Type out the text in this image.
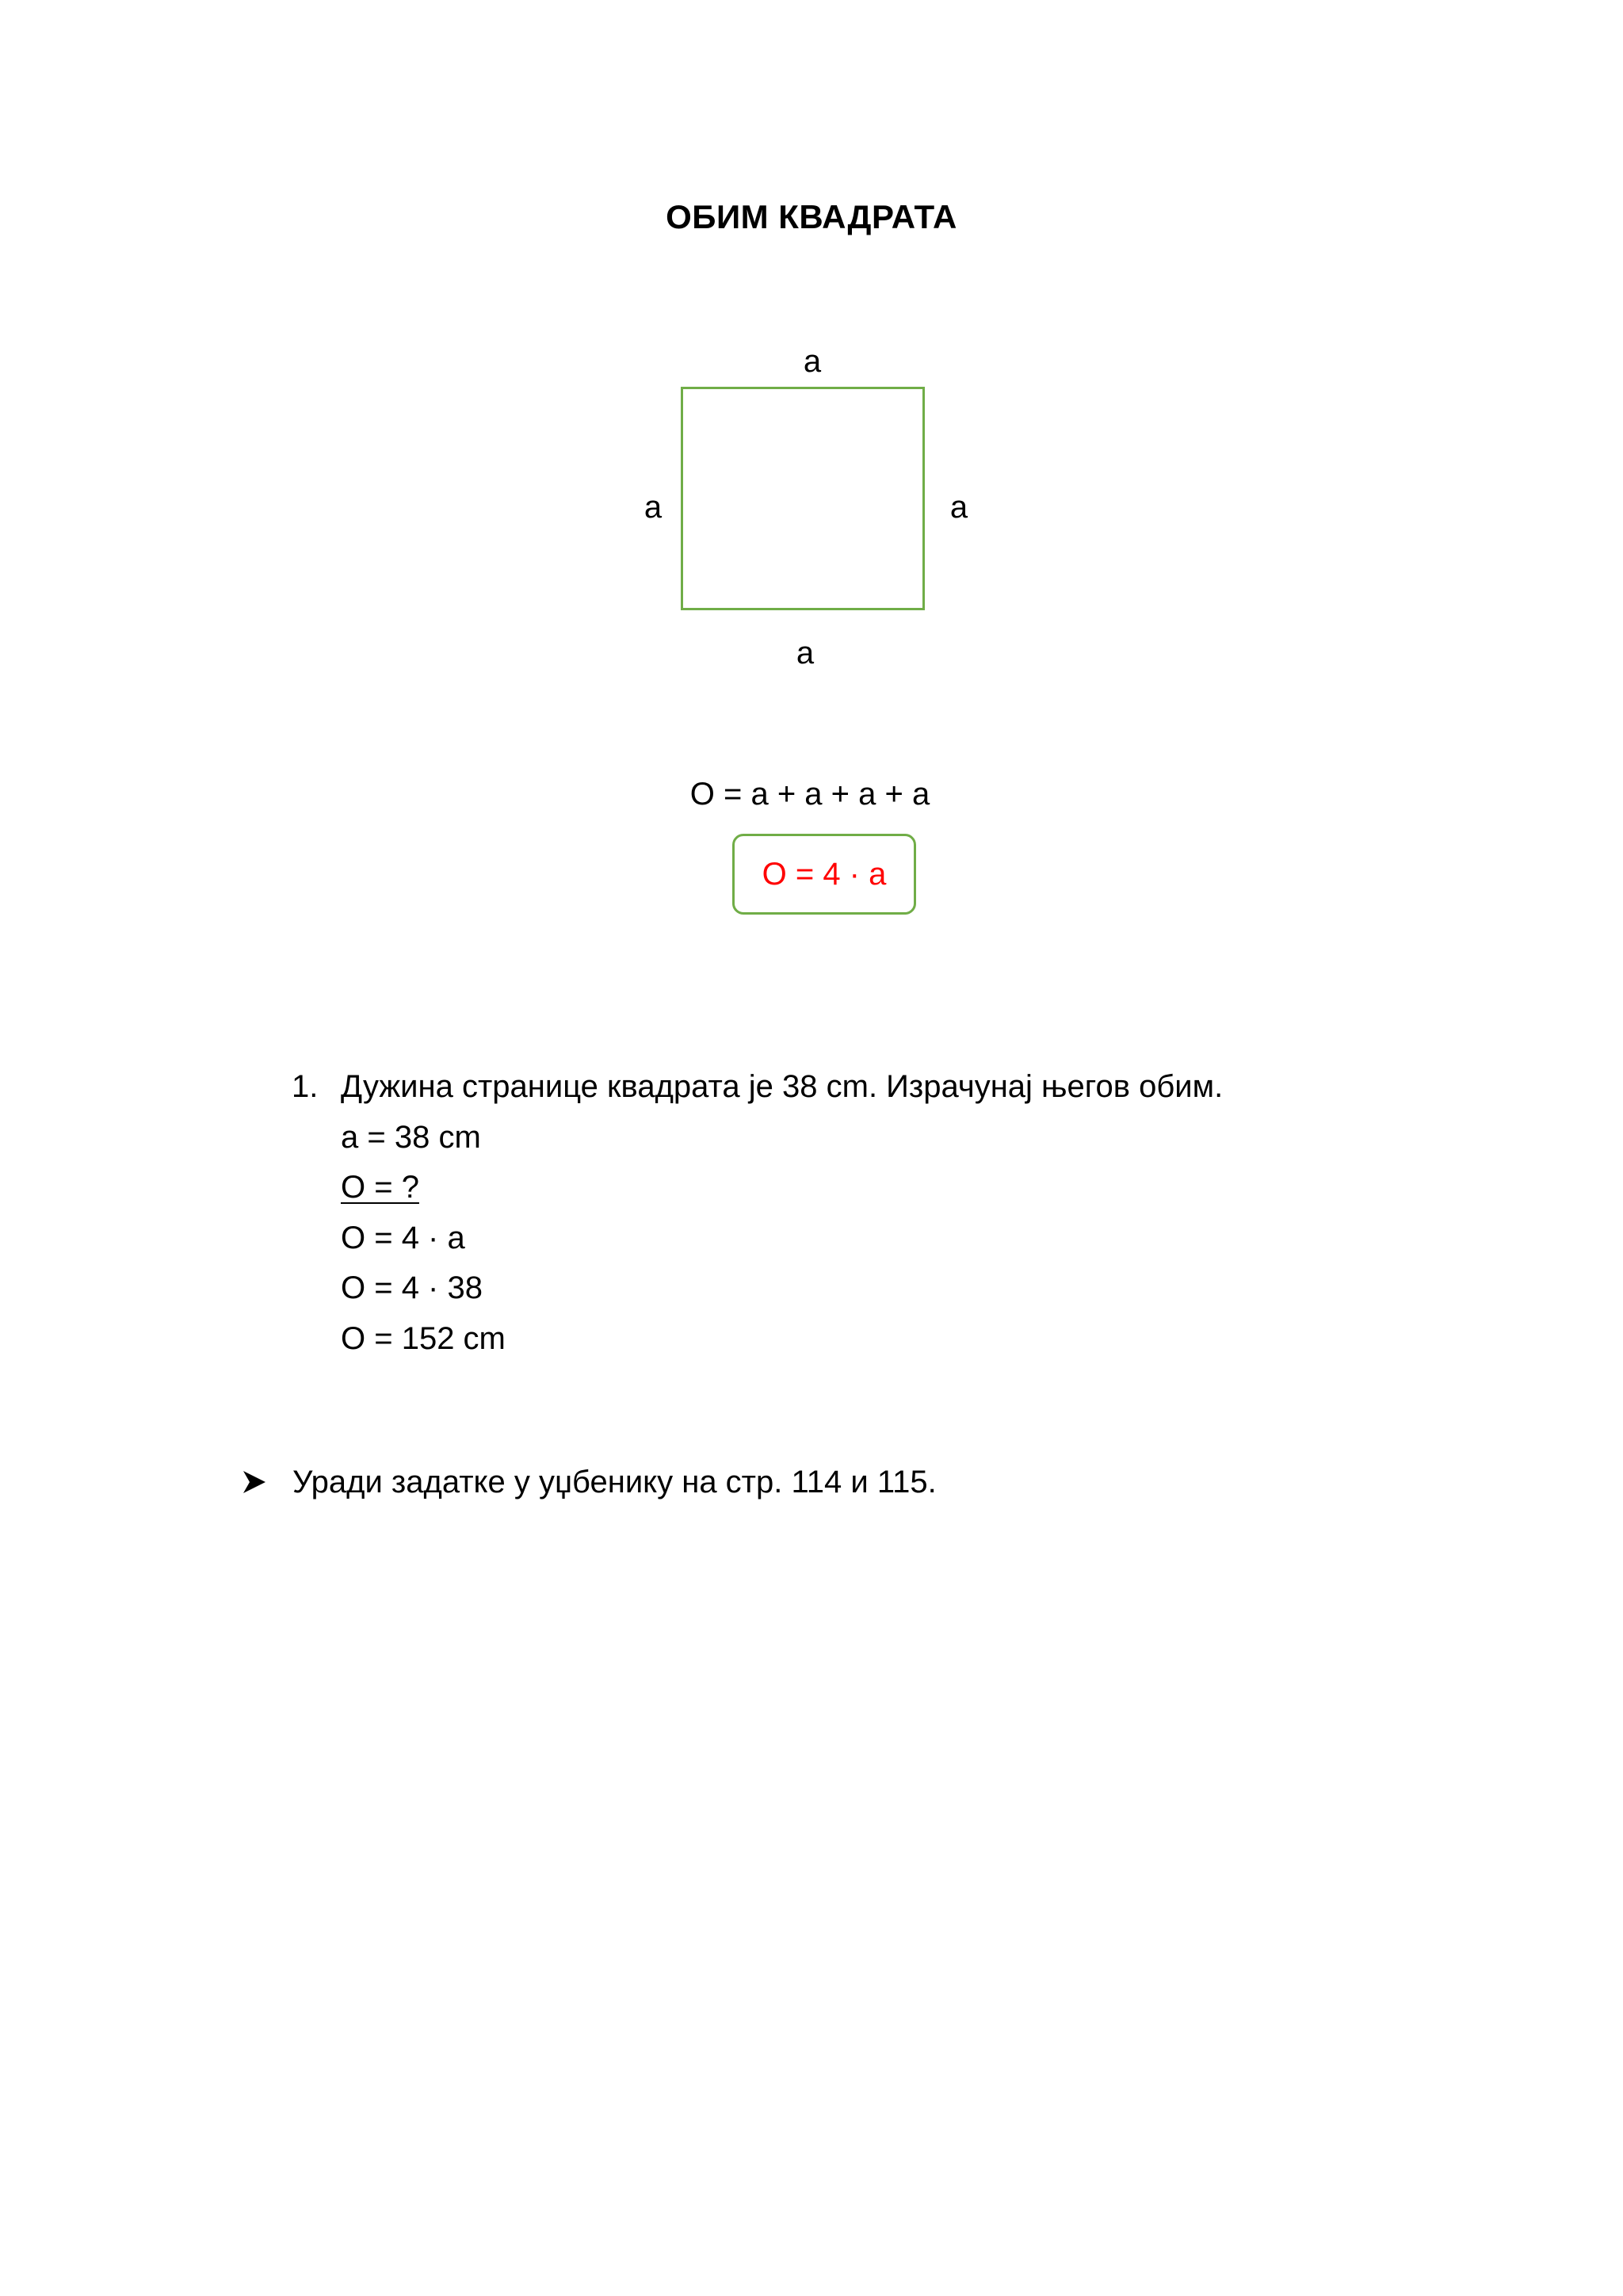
ОБИМ КВАДРАТА
a
a	a
a
O = a + a + a + a
O = 4 · a
1. Дужина странице квадрата је 38 cm. Израчунај његов обим.
a = 38 cm
O = ?
O = 4 · a
O = 4 · 38
O = 152 cm
Уради задатке у уџбенику на стр. 114 и 115.
